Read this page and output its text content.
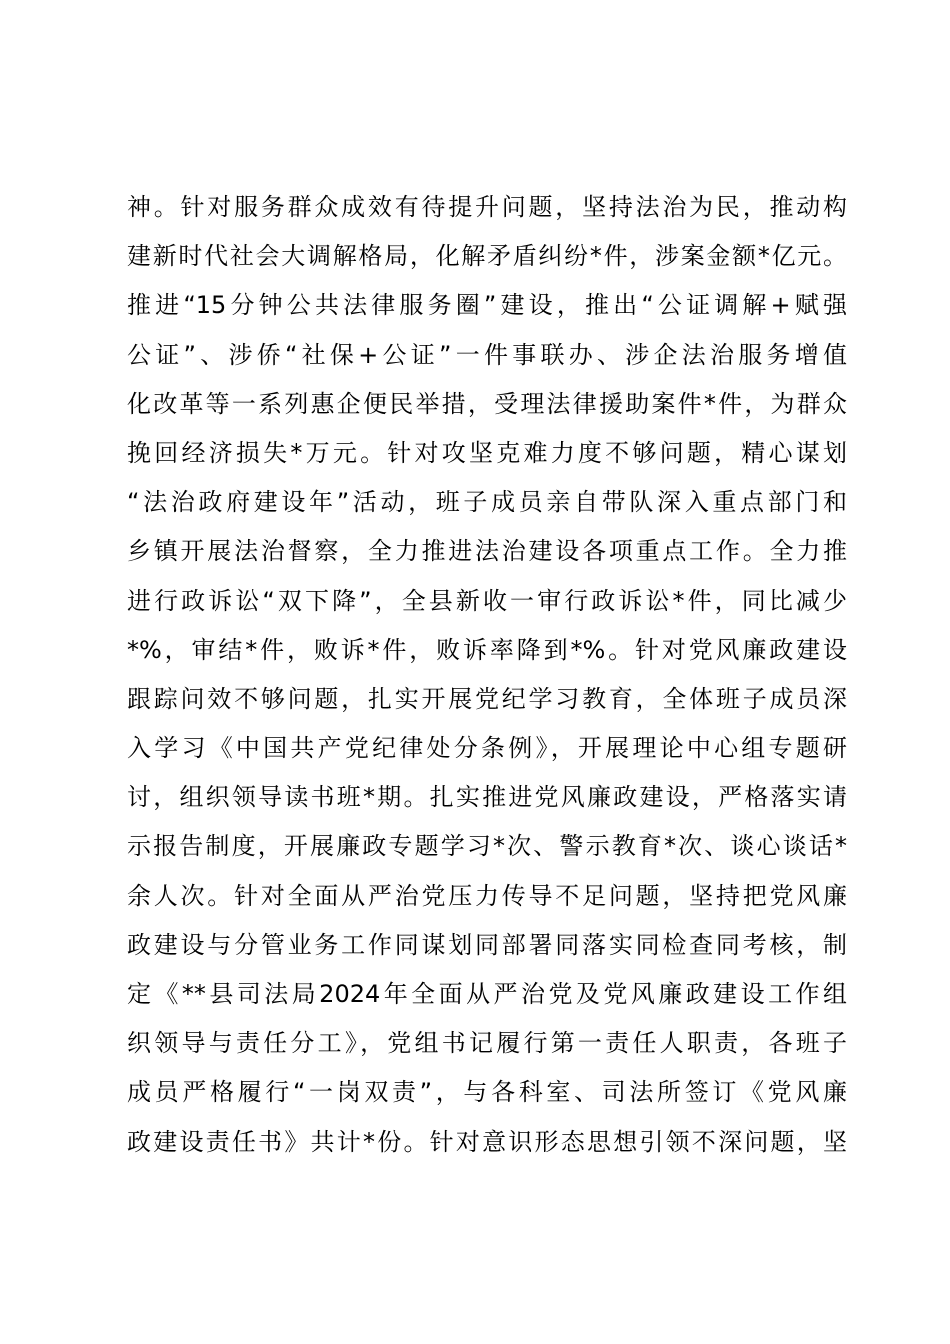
神。针对服务群众成效有待提升问题，坚持法治为民，推动构
建新时代社会大调解格局，化解矛盾纠纷*件，涉案金额*亿元。
推进“15分钟公共法律服务圈”建设，推出“公证调解+赋强
公证”、涉侨“社保+公证”一件事联办、涉企法治服务增值
化改革等一系列惠企便民举措，受理法律援助案件*件，为群众
挽回经济损失*万元。针对攻坚克难力度不够问题，精心谋划
“法治政府建设年”活动，班子成员亲自带队深入重点部门和
乡镇开展法治督察，全力推进法治建设各项重点工作。全力推
进行政诉讼“双下降”，全县新收一审行政诉讼*件，同比减少
*%，审结*件，败诉*件，败诉率降到*%。针对党风廉政建设
跟踪问效不够问题，扎实开展党纪学习教育，全体班子成员深
入学习《中国共产党纪律处分条例》，开展理论中心组专题研
讨，组织领导读书班*期。扎实推进党风廉政建设，严格落实请
示报告制度，开展廉政专题学习*次、警示教育*次、谈心谈话*
余人次。针对全面从严治党压力传导不足问题，坚持把党风廉
政建设与分管业务工作同谋划同部署同落实同检查同考核，制
定《**县司法局2024年全面从严治党及党风廉政建设工作组
织领导与责任分工》，党组书记履行第一责任人职责，各班子
成员严格履行“一岗双责”，与各科室、司法所签订《党风廉
政建设责任书》共计*份。针对意识形态思想引领不深问题，坚
